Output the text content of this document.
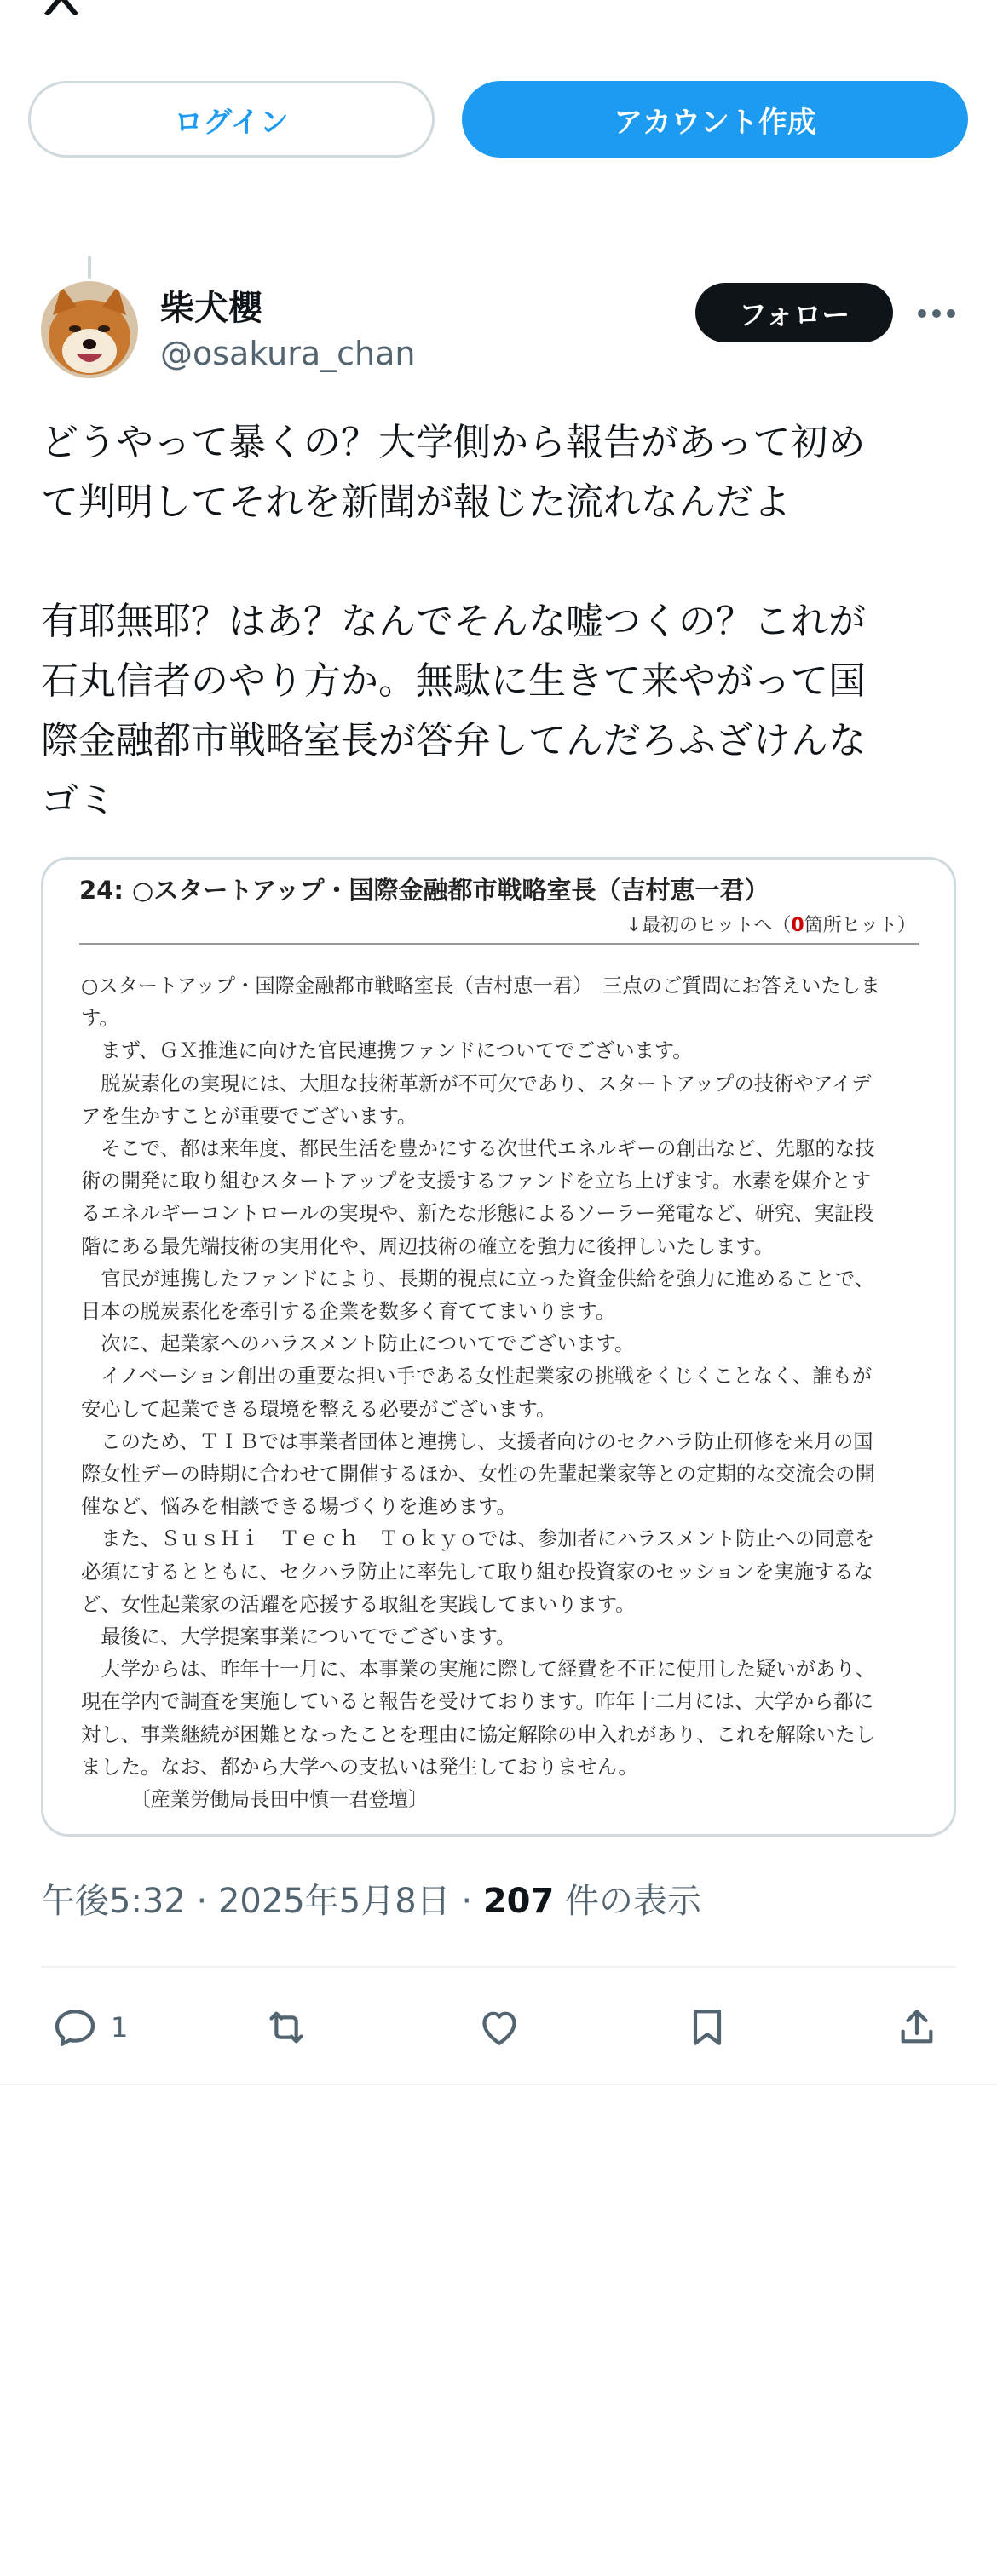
ログイン	アカウント作成
柴犬櫻
@osakura_chan
フォロー
どうやって暴くの？大学側から報告があって初め
て判明してそれを新聞が報じた流れなんだよ

有耶無耶？はあ？なんでそんな嘘つくの？これが
石丸信者のやり方か。無駄に生きて来やがって国
際金融都市戦略室長が答弁してんだろふざけんな
ゴミ
24: ○スタートアップ・国際金融都市戦略室長（吉村恵一君）
↓最初のヒットへ（0箇所ヒット）
○スタートアップ・国際金融都市戦略室長（吉村恵一君）　三点のご質問にお答えいたしま
す。
　まず、ＧＸ推進に向けた官民連携ファンドについてでございます。
　脱炭素化の実現には、大胆な技術革新が不可欠であり、スタートアップの技術やアイデ
アを生かすことが重要でございます。
　そこで、都は来年度、都民生活を豊かにする次世代エネルギーの創出など、先駆的な技
術の開発に取り組むスタートアップを支援するファンドを立ち上げます。水素を媒介とす
るエネルギーコントロールの実現や、新たな形態によるソーラー発電など、研究、実証段
階にある最先端技術の実用化や、周辺技術の確立を強力に後押しいたします。
　官民が連携したファンドにより、長期的視点に立った資金供給を強力に進めることで、
日本の脱炭素化を牽引する企業を数多く育ててまいります。
　次に、起業家へのハラスメント防止についてでございます。
　イノベーション創出の重要な担い手である女性起業家の挑戦をくじくことなく、誰もが
安心して起業できる環境を整える必要がございます。
　このため、ＴＩＢでは事業者団体と連携し、支援者向けのセクハラ防止研修を来月の国
際女性デーの時期に合わせて開催するほか、女性の先輩起業家等との定期的な交流会の開
催など、悩みを相談できる場づくりを進めます。
　また、ＳｕｓＨｉ　Ｔｅｃｈ　Ｔｏｋｙｏでは、参加者にハラスメント防止への同意を
必須にするとともに、セクハラ防止に率先して取り組む投資家のセッションを実施するな
ど、女性起業家の活躍を応援する取組を実践してまいります。
　最後に、大学提案事業についてでございます。
　大学からは、昨年十一月に、本事業の実施に際して経費を不正に使用した疑いがあり、
現在学内で調査を実施していると報告を受けております。昨年十二月には、大学から都に
対し、事業継続が困難となったことを理由に協定解除の申入れがあり、これを解除いたし
ました。なお、都から大学への支払いは発生しておりません。
　　　〔産業労働局長田中慎一君登壇〕
午後5:32 · 2025年5月8日 · 207 件の表示
1
